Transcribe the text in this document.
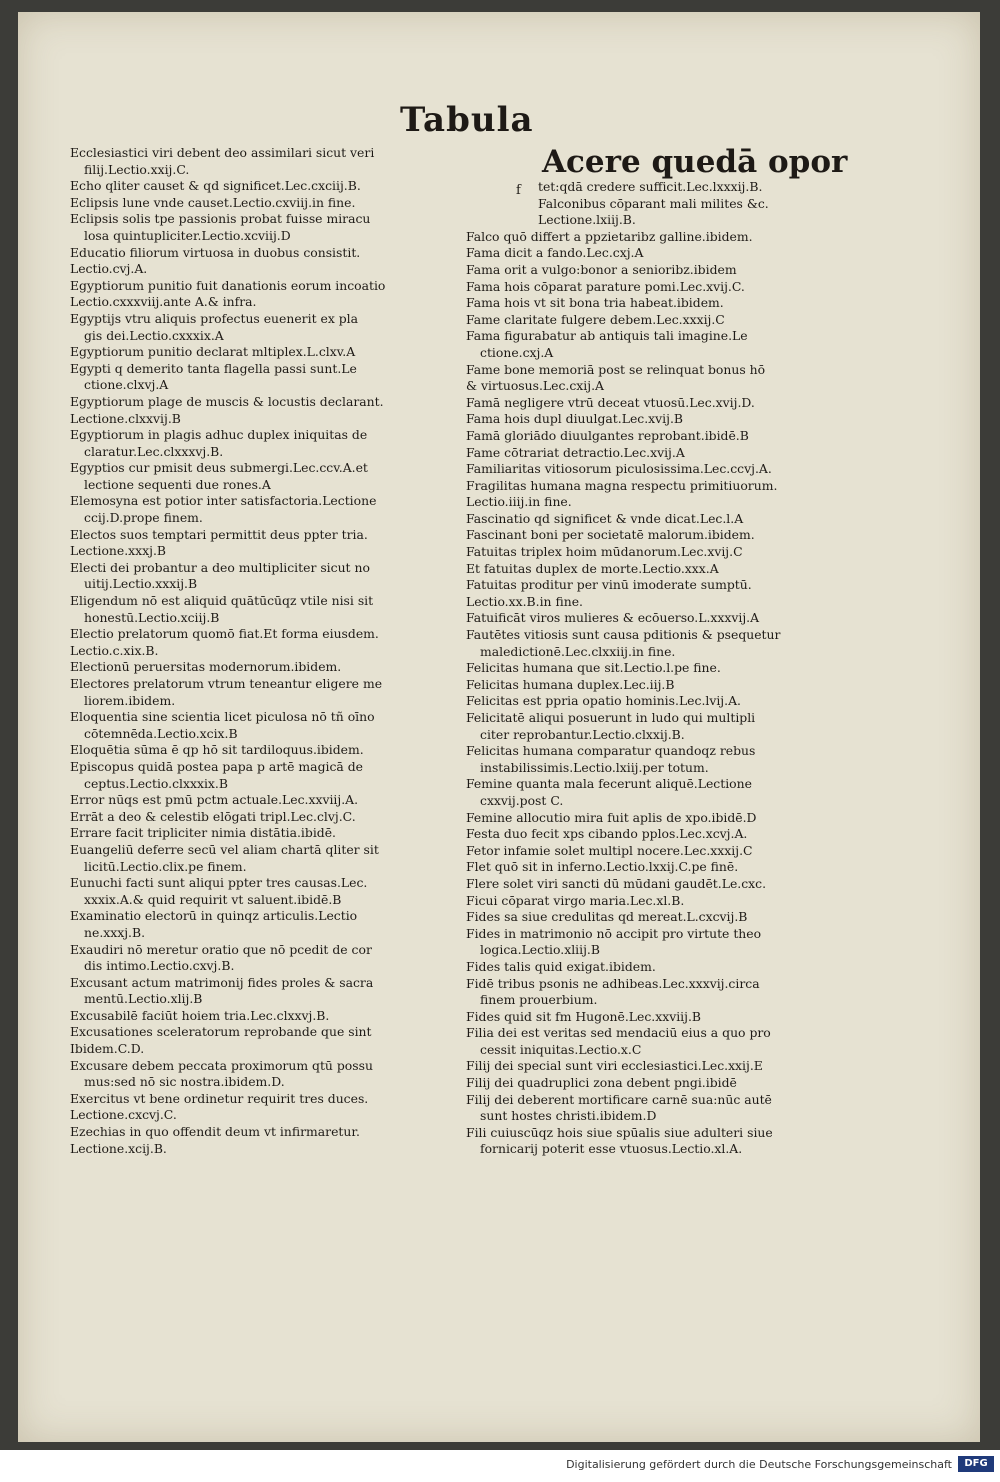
Tabula
Ecclesiastici viri debent deo assimilari sicut veri
filij.Lectio.xxij.C.
Echo qliter causet & qd significet.Lec.cxciij.B.
Eclipsis lune vnde causet.Lectio.cxviij.in fine.
Eclipsis solis tpe passionis probat fuisse miracu
losa quintupliciter.Lectio.xcviij.D
Educatio filiorum virtuosa in duobus consistit.
Lectio.cvj.A.
Egyptiorum punitio fuit danationis eorum incoatio
Lectio.cxxxviij.ante A.& infra.
Egyptijs vtru aliquis profectus euenerit ex pla
gis dei.Lectio.cxxxix.A
Egyptiorum punitio declarat mltiplex.L.clxv.A
Egypti q demerito tanta flagella passi sunt.Le
ctione.clxvj.A
Egyptiorum plage de muscis & locustis declarant.
Lectione.clxxvij.B
Egyptiorum in plagis adhuc duplex iniquitas de
claratur.Lec.clxxxvj.B.
Egyptios cur pmisit deus submergi.Lec.ccv.A.et
lectione sequenti due rones.A
Elemosyna est potior inter satisfactoria.Lectione
ccij.D.prope finem.
Electos suos temptari permittit deus ppter tria.
Lectione.xxxj.B
Electi dei probantur a deo multipliciter sicut no
uitij.Lectio.xxxij.B
Eligendum nō est aliquid quātūcūqz vtile nisi sit
honestū.Lectio.xciij.B
Electio prelatorum quomō fiat.Et forma eiusdem.
Lectio.c.xix.B.
Electionū peruersitas modernorum.ibidem.
Electores prelatorum vtrum teneantur eligere me
liorem.ibidem.
Eloquentia sine scientia licet piculosa nō tñ oīno
cōtemnēda.Lectio.xcix.B
Eloquētia sūma ē qp hō sit tardiloquus.ibidem.
Episcopus quidā postea papa p artē magicā de
ceptus.Lectio.clxxxix.B
Error nūqs est pmū pctm actuale.Lec.xxviij.A.
Errāt a deo & celestib elōgati tripl.Lec.clvj.C.
Errare facit tripliciter nimia distātia.ibidē.
Euangeliū deferre secū vel aliam chartā qliter sit
licitū.Lectio.clix.pe finem.
Eunuchi facti sunt aliqui ppter tres causas.Lec.
xxxix.A.& quid requirit vt saluent.ibidē.B
Examinatio electorū in quinqz articulis.Lectio
ne.xxxj.B.
Exaudiri nō meretur oratio que nō pcedit de cor
dis intimo.Lectio.cxvj.B.
Excusant actum matrimonij fides proles & sacra
mentū.Lectio.xlij.B
Excusabilē faciūt hoiem tria.Lec.clxxvj.B.
Excusationes sceleratorum reprobande que sint
Ibidem.C.D.
Excusare debem peccata proximorum qtū possu
mus:sed nō sic nostra.ibidem.D.
Exercitus vt bene ordinetur requirit tres duces.
Lectione.cxcvj.C.
Ezechias in quo offendit deum vt infirmaretur.
Lectione.xcij.B.
Acere quedā opor
f	tet:qdā credere sufficit.Lec.lxxxij.B.
Falconibus cōparant mali milites &c.
Lectione.lxiij.B.
Falco quō differt a ppzietaribz galline.ibidem.
Fama dicit a fando.Lec.cxj.A
Fama orit a vulgo:bonor a senioribz.ibidem
Fama hois cōparat parature pomi.Lec.xvij.C.
Fama hois vt sit bona tria habeat.ibidem.
Fame claritate fulgere debem.Lec.xxxij.C
Fama figurabatur ab antiquis tali imagine.Le
ctione.cxj.A
Fame bone memoriā post se relinquat bonus hō
& virtuosus.Lec.cxij.A
Famā negligere vtrū deceat vtuosū.Lec.xvij.D.
Fama hois dupl diuulgat.Lec.xvij.B
Famā gloriādo diuulgantes reprobant.ibidē.B
Fame cōtrariat detractio.Lec.xvij.A
Familiaritas vitiosorum piculosissima.Lec.ccvj.A.
Fragilitas humana magna respectu primitiuorum.
Lectio.iiij.in fine.
Fascinatio qd significet & vnde dicat.Lec.l.A
Fascinant boni per societatē malorum.ibidem.
Fatuitas triplex hoim mūdanorum.Lec.xvij.C
Et fatuitas duplex de morte.Lectio.xxx.A
Fatuitas proditur per vinū imoderate sumptū.
Lectio.xx.B.in fine.
Fatuificāt viros mulieres & ecōuerso.L.xxxvij.A
Fautētes vitiosis sunt causa pditionis & psequetur
maledictionē.Lec.clxxiij.in fine.
Felicitas humana que sit.Lectio.l.pe fine.
Felicitas humana duplex.Lec.iij.B
Felicitas est ppria opatio hominis.Lec.lvij.A.
Felicitatē aliqui posuerunt in ludo qui multipli
citer reprobantur.Lectio.clxxij.B.
Felicitas humana comparatur quandoqz rebus
instabilissimis.Lectio.lxiij.per totum.
Femine quanta mala fecerunt aliquē.Lectione
cxxvij.post C.
Femine allocutio mira fuit aplis de xpo.ibidē.D
Festa duo fecit xps cibando pplos.Lec.xcvj.A.
Fetor infamie solet multipl nocere.Lec.xxxij.C
Flet quō sit in inferno.Lectio.lxxij.C.pe finē.
Flere solet viri sancti dū mūdani gaudēt.Le.cxc.
Ficui cōparat virgo maria.Lec.xl.B.
Fides sa siue credulitas qd mereat.L.cxcvij.B
Fides in matrimonio nō accipit pro virtute theo
logica.Lectio.xliij.B
Fides talis quid exigat.ibidem.
Fidē tribus psonis ne adhibeas.Lec.xxxvij.circa
finem prouerbium.
Fides quid sit fm Hugonē.Lec.xxviij.B
Filia dei est veritas sed mendaciū eius a quo pro
cessit iniquitas.Lectio.x.C
Filij dei special sunt viri ecclesiastici.Lec.xxij.E
Filij dei quadruplici zona debent pngi.ibidē
Filij dei deberent mortificare carnē sua:nūc autē
sunt hostes christi.ibidem.D
Fili cuiuscūqz hois siue spūalis siue adulteri siue
fornicarij poterit esse vtuosus.Lectio.xl.A.
Digitalisierung gefördert durch die Deutsche Forschungsgemeinschaft	DFG
